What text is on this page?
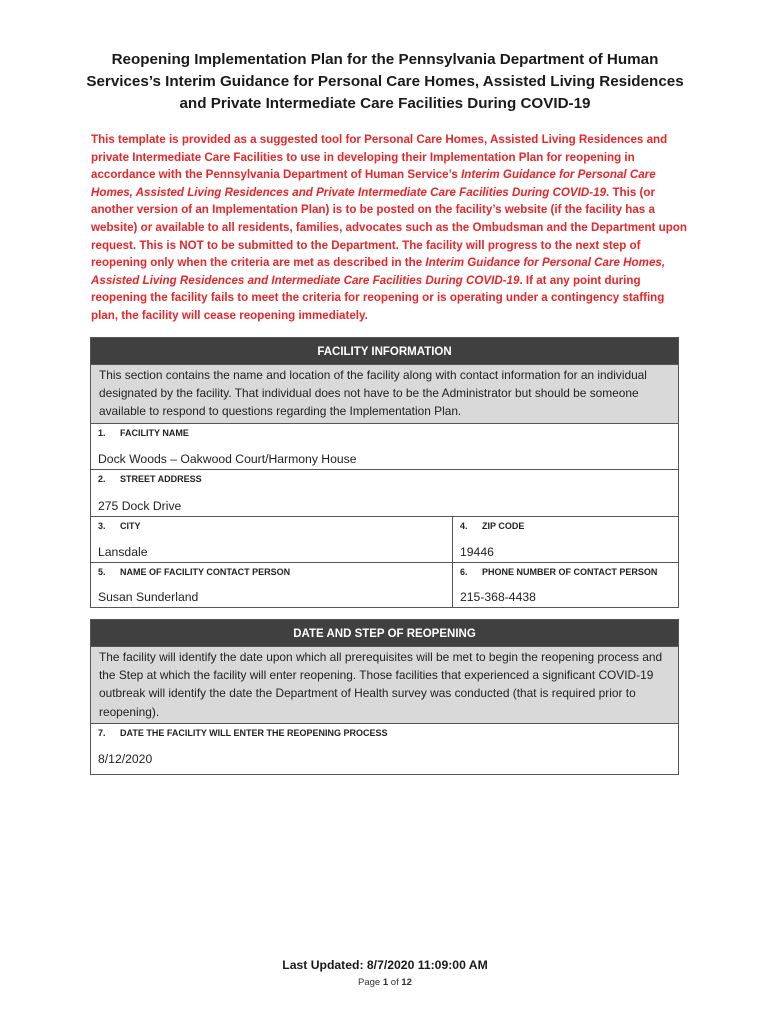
Reopening Implementation Plan for the Pennsylvania Department of Human
Services’s Interim Guidance for Personal Care Homes, Assisted Living Residences
and Private Intermediate Care Facilities During COVID-19
This template is provided as a suggested tool for Personal Care Homes, Assisted Living Residences and private Intermediate Care Facilities to use in developing their Implementation Plan for reopening in accordance with the Pennsylvania Department of Human Service’s Interim Guidance for Personal Care Homes, Assisted Living Residences and Private Intermediate Care Facilities During COVID-19. This (or another version of an Implementation Plan) is to be posted on the facility’s website (if the facility has a website) or available to all residents, families, advocates such as the Ombudsman and the Department upon request. This is NOT to be submitted to the Department. The facility will progress to the next step of reopening only when the criteria are met as described in the Interim Guidance for Personal Care Homes, Assisted Living Residences and Intermediate Care Facilities During COVID-19. If at any point during reopening the facility fails to meet the criteria for reopening or is operating under a contingency staffing plan, the facility will cease reopening immediately.
FACILITY INFORMATION
This section contains the name and location of the facility along with contact information for an individual designated by the facility. That individual does not have to be the Administrator but should be someone available to respond to questions regarding the Implementation Plan.
1.	FACILITY NAME
Dock Woods – Oakwood Court/Harmony House
2.	STREET ADDRESS
275 Dock Drive
3.	CITY
Lansdale
4.	ZIP CODE
19446
5.	NAME OF FACILITY CONTACT PERSON
Susan Sunderland
6.	PHONE NUMBER OF CONTACT PERSON
215-368-4438
DATE AND STEP OF REOPENING
The facility will identify the date upon which all prerequisites will be met to begin the reopening process and the Step at which the facility will enter reopening. Those facilities that experienced a significant COVID-19 outbreak will identify the date the Department of Health survey was conducted (that is required prior to reopening).
7.	DATE THE FACILITY WILL ENTER THE REOPENING PROCESS
8/12/2020
Last Updated: 8/7/2020 11:09:00 AM
Page 1 of 12
